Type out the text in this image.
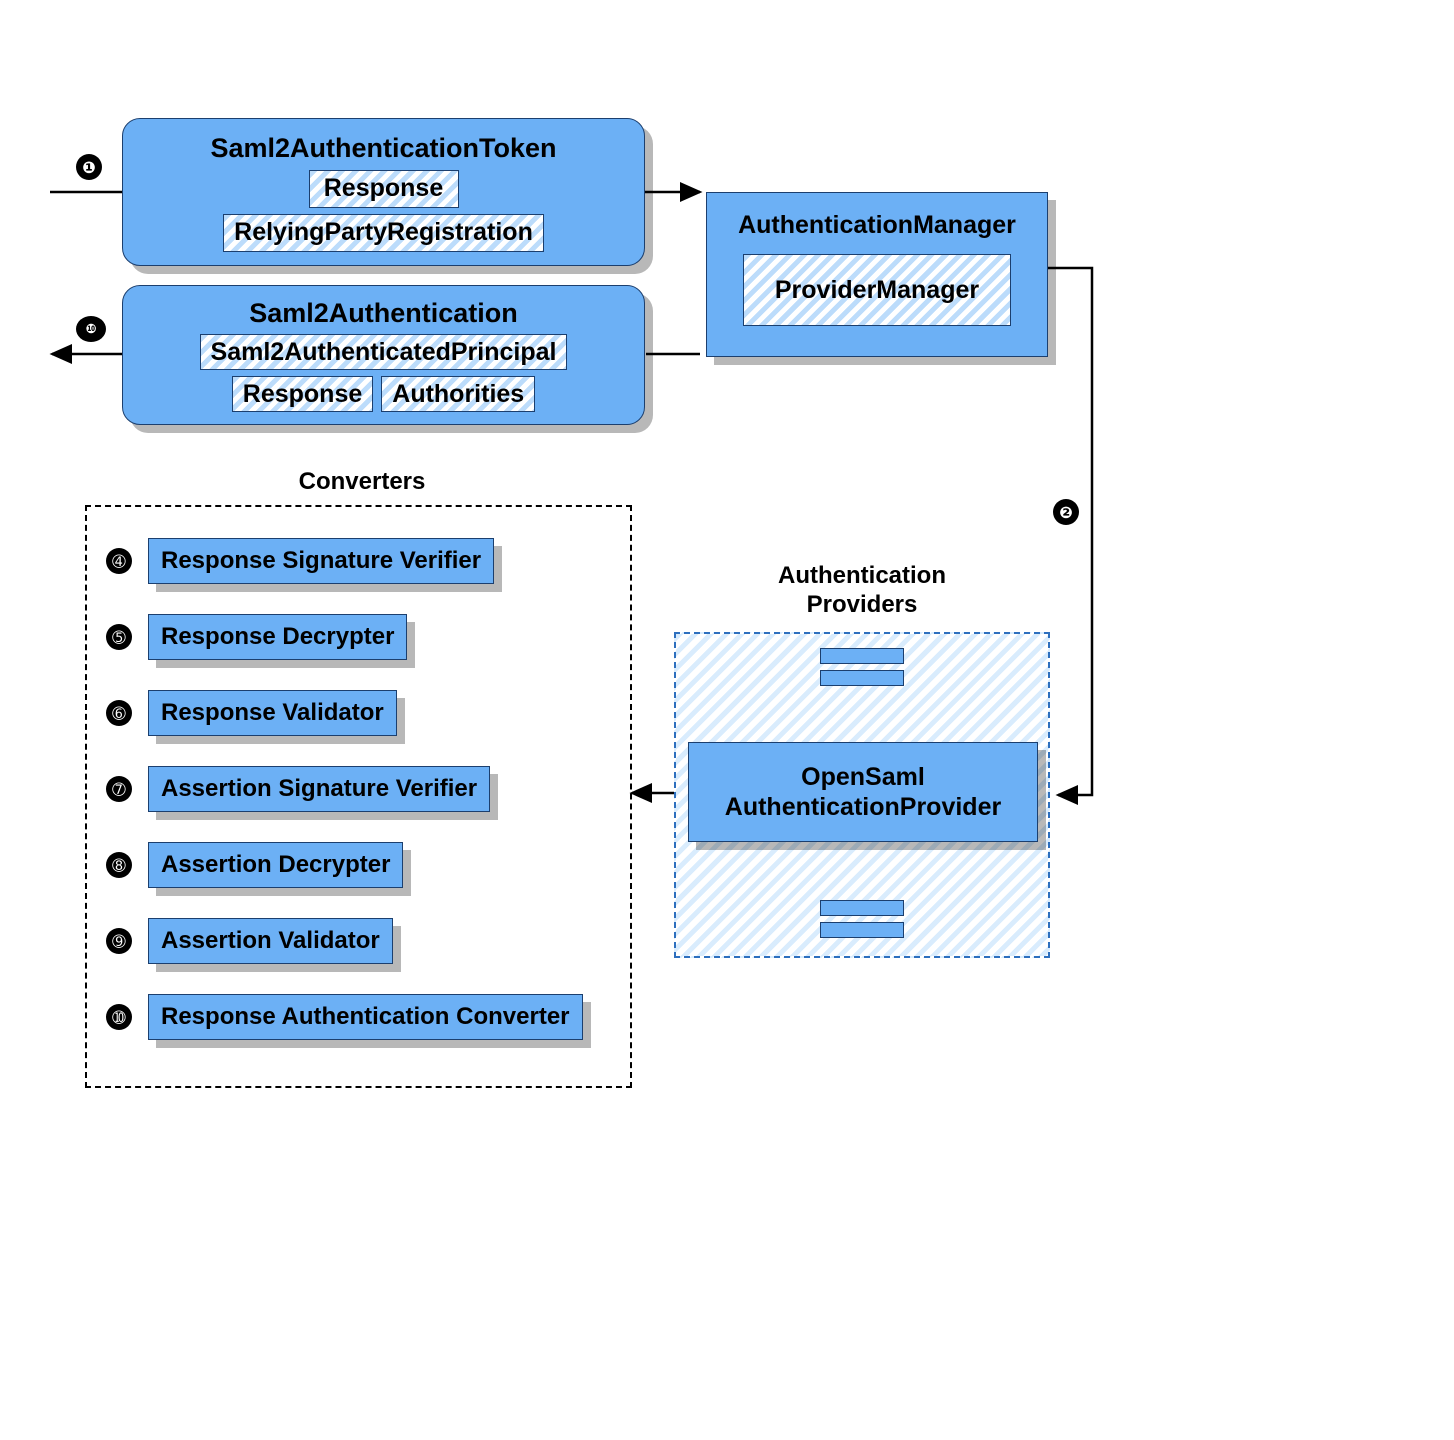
❶
❿
❷
Saml2AuthenticationToken
Response
RelyingPartyRegistration
Saml2Authentication
Saml2AuthenticatedPrincipal
Response	Authorities
AuthenticationManager
ProviderManager
Converters
➃	Response Signature Verifier
➄	Response Decrypter
➅	Response Validator
➆	Assertion Signature Verifier
➇	Assertion Decrypter
➈	Assertion Validator
➉	Response Authentication Converter
Authentication
Providers
OpenSaml
AuthenticationProvider
